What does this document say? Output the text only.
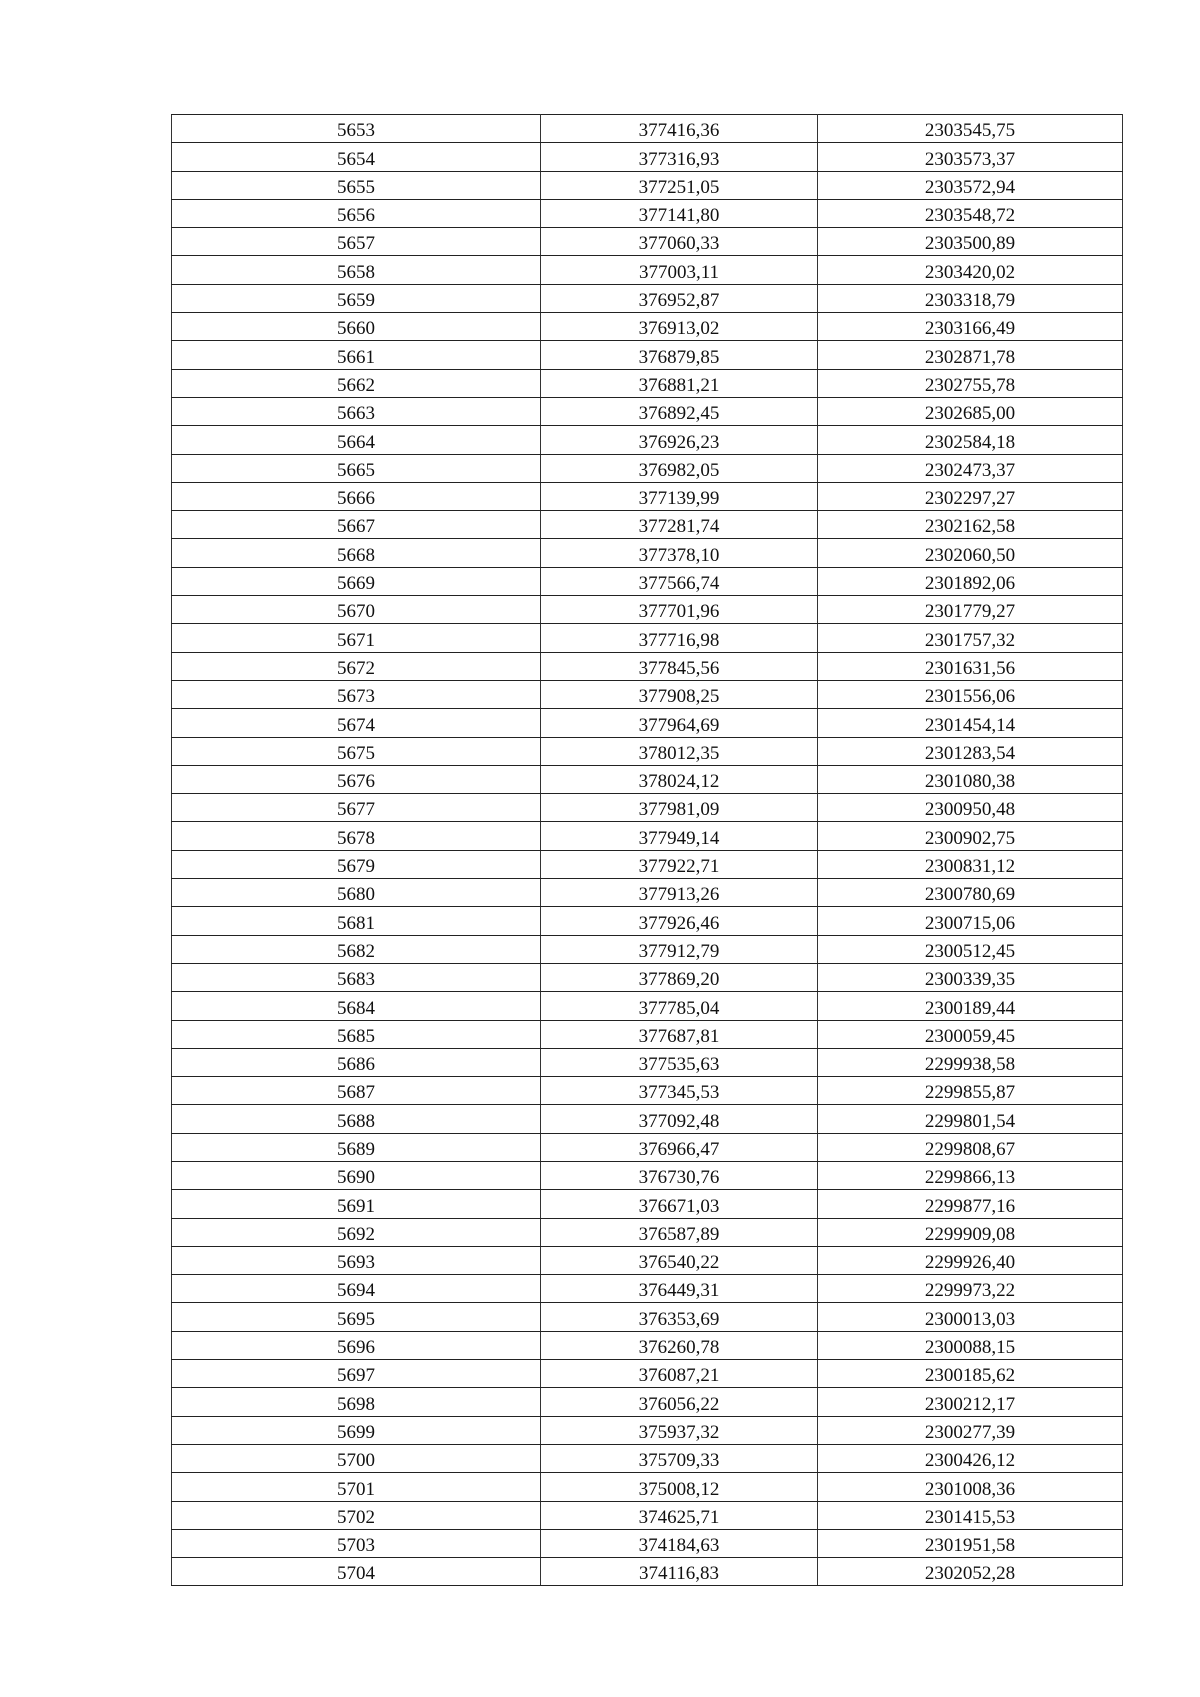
5653	377416,36	2303545,75
5654	377316,93	2303573,37
5655	377251,05	2303572,94
5656	377141,80	2303548,72
5657	377060,33	2303500,89
5658	377003,11	2303420,02
5659	376952,87	2303318,79
5660	376913,02	2303166,49
5661	376879,85	2302871,78
5662	376881,21	2302755,78
5663	376892,45	2302685,00
5664	376926,23	2302584,18
5665	376982,05	2302473,37
5666	377139,99	2302297,27
5667	377281,74	2302162,58
5668	377378,10	2302060,50
5669	377566,74	2301892,06
5670	377701,96	2301779,27
5671	377716,98	2301757,32
5672	377845,56	2301631,56
5673	377908,25	2301556,06
5674	377964,69	2301454,14
5675	378012,35	2301283,54
5676	378024,12	2301080,38
5677	377981,09	2300950,48
5678	377949,14	2300902,75
5679	377922,71	2300831,12
5680	377913,26	2300780,69
5681	377926,46	2300715,06
5682	377912,79	2300512,45
5683	377869,20	2300339,35
5684	377785,04	2300189,44
5685	377687,81	2300059,45
5686	377535,63	2299938,58
5687	377345,53	2299855,87
5688	377092,48	2299801,54
5689	376966,47	2299808,67
5690	376730,76	2299866,13
5691	376671,03	2299877,16
5692	376587,89	2299909,08
5693	376540,22	2299926,40
5694	376449,31	2299973,22
5695	376353,69	2300013,03
5696	376260,78	2300088,15
5697	376087,21	2300185,62
5698	376056,22	2300212,17
5699	375937,32	2300277,39
5700	375709,33	2300426,12
5701	375008,12	2301008,36
5702	374625,71	2301415,53
5703	374184,63	2301951,58
5704	374116,83	2302052,28
